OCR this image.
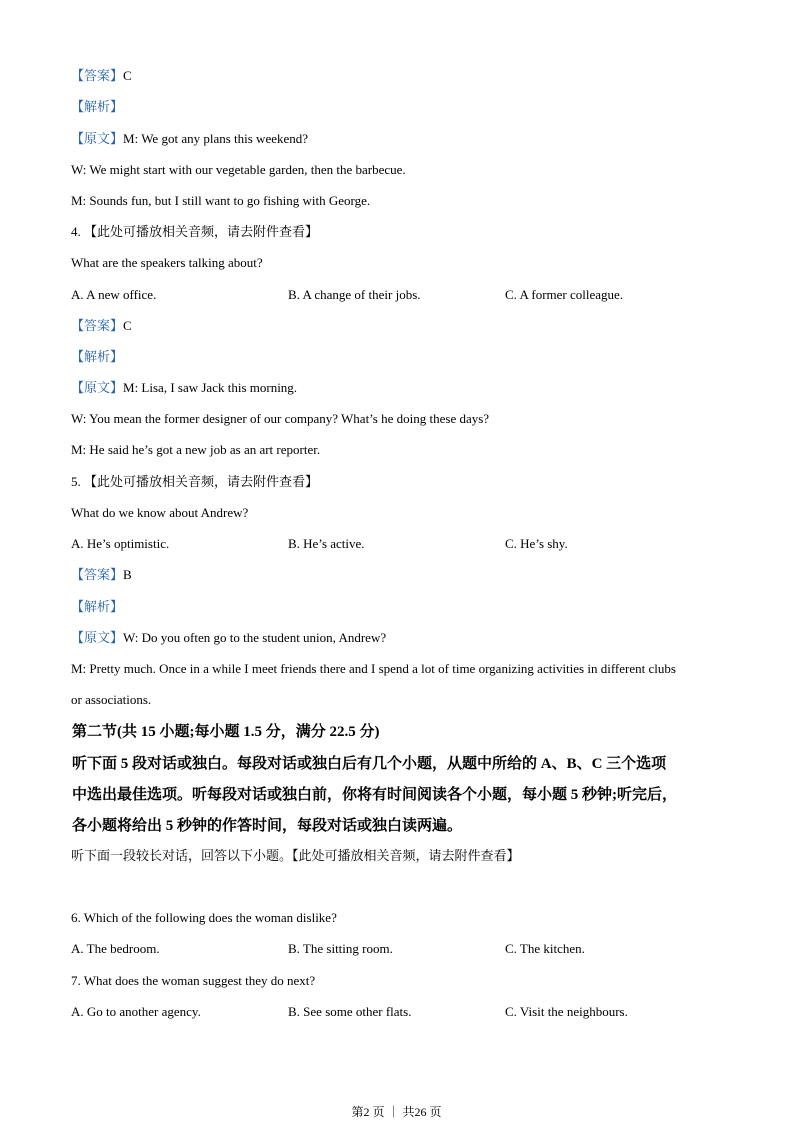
【答案】C
【解析】
【原文】M: We got any plans this weekend?
W: We might start with our vegetable garden, then the barbecue.
M: Sounds fun, but I still want to go fishing with George.
4. 【此处可播放相关音频，请去附件查看】
What are the speakers talking about?
A. A new office.	B. A change of their jobs.	C. A former colleague.
【答案】C
【解析】
【原文】M: Lisa, I saw Jack this morning.
W: You mean the former designer of our company? What’s he doing these days?
M: He said he’s got a new job as an art reporter.
5. 【此处可播放相关音频，请去附件查看】
What do we know about Andrew?
A. He’s optimistic.	B. He’s active.	C. He’s shy.
【答案】B
【解析】
【原文】W: Do you often go to the student union, Andrew?
M: Pretty much. Once in a while I meet friends there and I spend a lot of time organizing activities in different clubs
or associations.
第二节(共 15 小题;每小题 1.5 分，满分 22.5 分)
听下面 5 段对话或独白。每段对话或独白后有几个小题，从题中所给的 A、B、C 三个选项
中选出最佳选项。听每段对话或独白前，你将有时间阅读各个小题，每小题 5 秒钟;听完后，
各小题将给出 5 秒钟的作答时间，每段对话或独白读两遍。
听下面一段较长对话，回答以下小题。【此处可播放相关音频，请去附件查看】
6. Which of the following does the woman dislike?
A. The bedroom.	B. The sitting room.	C. The kitchen.
7. What does the woman suggest they do next?
A. Go to another agency.	B. See some other flats.	C. Visit the neighbours.
第2 页 ｜ 共26 页
